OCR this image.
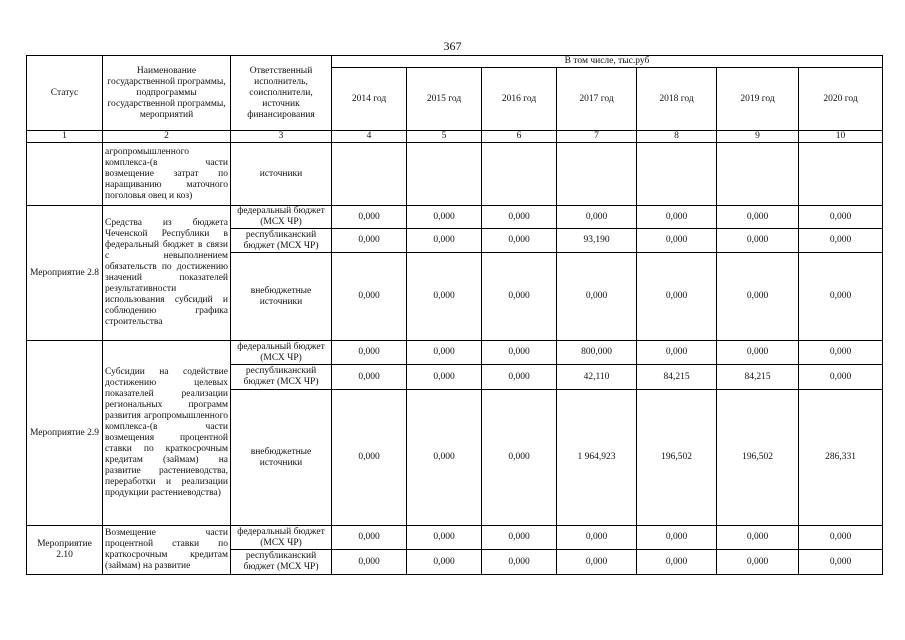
367
Статус	Наименование государственной программы, подпрограммы государственной программы, мероприятий	Ответственный исполнитель, соисполнители, источник финансирования	В том числе, тыс.руб						
			2014 год	2015 год	2016 год	2017 год	2018 год	2019 год	2020 год
1	2	3	4	5	6	7	8	9	10
	агропромышленного комплекса-(в части возмещение затрат по наращиванию маточного поголовья овец и коз)	источники							
Мероприятие 2.8	Средства из бюджета Чеченской Республики в федеральный бюджет в связи с невыполнением обязательств по достижению значений показателей результативности использования субсидий и соблюдению графика строительства	федеральный бюджет (МСХ ЧР)	0,000	0,000	0,000	0,000	0,000	0,000	0,000
		республиканский бюджет (МСХ ЧР)	0,000	0,000	0,000	93,190	0,000	0,000	0,000
		внебюджетные источники	0,000	0,000	0,000	0,000	0,000	0,000	0,000
Мероприятие 2.9	Субсидии на содействие достижению целевых показателей реализации региональных программ развития агропромышленного комплекса-(в части возмещения процентной ставки по краткосрочным кредитам (займам) на развитие растениеводства, переработки и реализации продукции растениеводства)	федеральный бюджет (МСХ ЧР)	0,000	0,000	0,000	800,000	0,000	0,000	0,000
		республиканский бюджет (МСХ ЧР)	0,000	0,000	0,000	42,110	84,215	84,215	0,000
		внебюджетные источники	0,000	0,000	0,000	1 964,923	196,502	196,502	286,331
Мероприятие 2.10	Возмещение части процентной ставки по краткосрочным кредитам (займам) на развитие	федеральный бюджет (МСХ ЧР)	0,000	0,000	0,000	0,000	0,000	0,000	0,000
		республиканский бюджет (МСХ ЧР)	0,000	0,000	0,000	0,000	0,000	0,000	0,000
